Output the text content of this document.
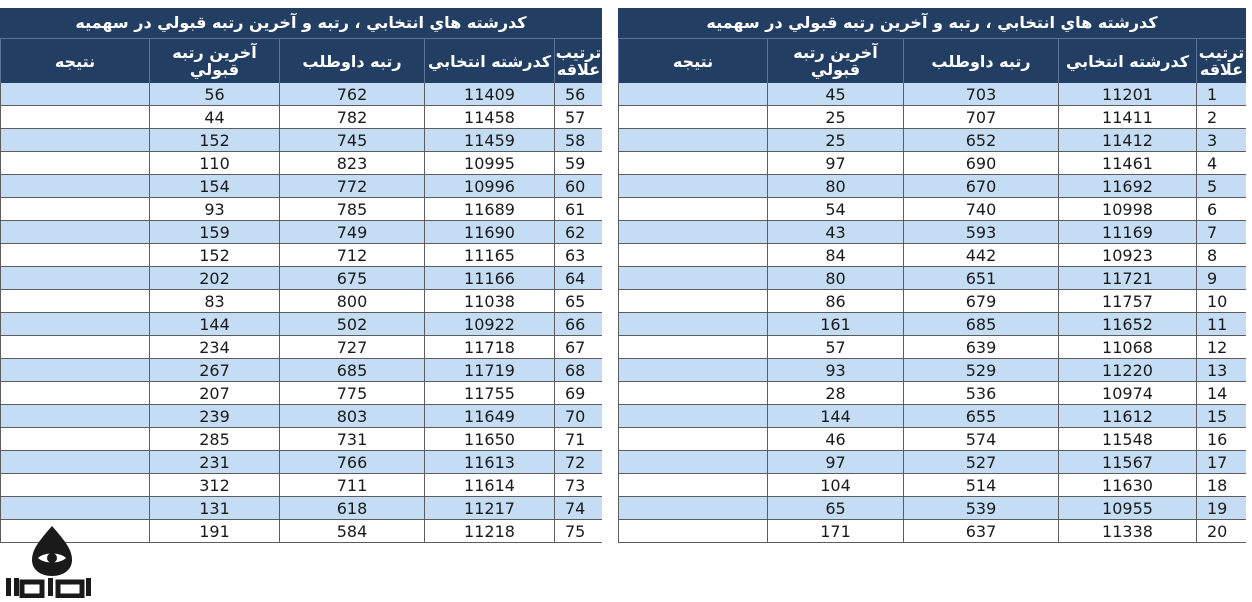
کدرشته هاي انتخابي ، رتبه و آخرين رتبه قبولي در سهميه
ترتيب علاقه
کدرشته انتخابي
رتبه داوطلب
آخرين رتبه قبولي
نتيجه
56
11409
762
56
57
11458
782
44
58
11459
745
152
59
10995
823
110
60
10996
772
154
61
11689
785
93
62
11690
749
159
63
11165
712
152
64
11166
675
202
65
11038
800
83
66
10922
502
144
67
11718
727
234
68
11719
685
267
69
11755
775
207
70
11649
803
239
71
11650
731
285
72
11613
766
231
73
11614
711
312
74
11217
618
131
75
11218
584
191
کدرشته هاي انتخابي ، رتبه و آخرين رتبه قبولي در سهميه
ترتيب علاقه
کدرشته انتخابي
رتبه داوطلب
آخرين رتبه قبولي
نتيجه
1
11201
703
45
2
11411
707
25
3
11412
652
25
4
11461
690
97
5
11692
670
80
6
10998
740
54
7
11169
593
43
8
10923
442
84
9
11721
651
80
10
11757
679
86
11
11652
685
161
12
11068
639
57
13
11220
529
93
14
10974
536
28
15
11612
655
144
16
11548
574
46
17
11567
527
97
18
11630
514
104
19
10955
539
65
20
11338
637
171
